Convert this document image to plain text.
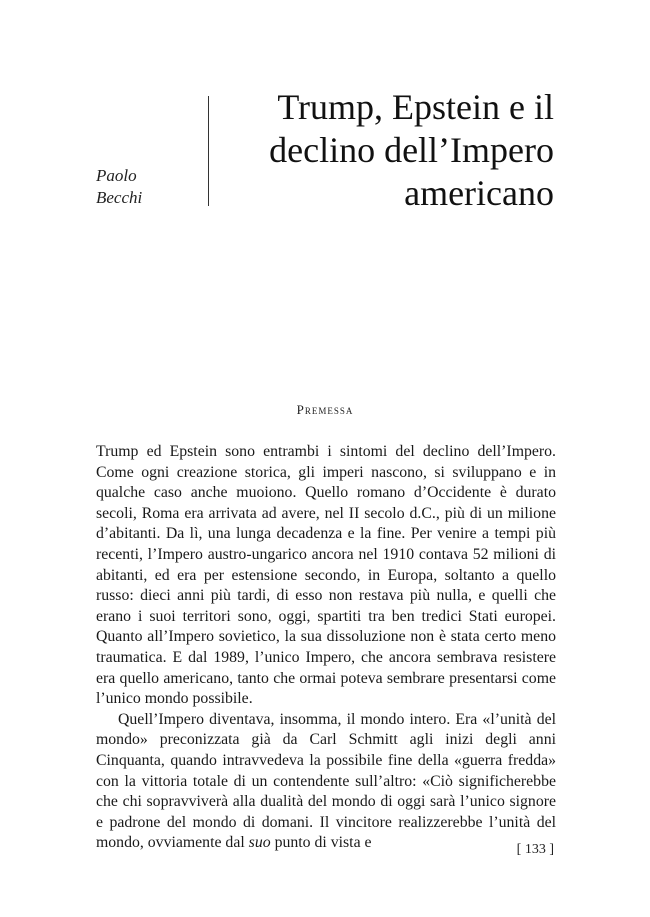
Paolo
Becchi
Trump, Epstein e il
declino dell’Impero
americano
Premessa

Trump ed Epstein sono entrambi i sintomi del declino dell’Impero. Come ogni creazione storica, gli imperi nascono, si sviluppano e in qualche caso anche muoiono. Quello romano d’Occidente è durato secoli, Roma era arrivata ad avere, nel II secolo d.C., più di un milione d’abitanti. Da lì, una lunga decadenza e la fine. Per venire a tempi più recenti, l’Impero austro-ungarico ancora nel 1910 contava 52 milioni di abitanti, ed era per estensione secondo, in Europa, soltanto a quello russo: dieci anni più tardi, di esso non restava più nulla, e quelli che erano i suoi territori sono, oggi, spartiti tra ben tredici Stati europei. Quanto all’Impero sovietico, la sua dissoluzione non è stata certo meno traumatica. E dal 1989, l’unico Impero, che ancora sembrava resistere era quello americano, tanto che ormai poteva sembrare presentarsi come l’unico mondo possibile.

Quell’Impero diventava, insomma, il mondo intero. Era «l’unità del mondo» preconizzata già da Carl Schmitt agli inizi degli anni Cinquanta, quando intravvedeva la possibile fine della «guerra fredda» con la vittoria totale di un contendente sull’altro: «Ciò significherebbe che chi sopravviverà alla dualità del mondo di oggi sarà l’unico signore e padrone del mondo di domani. Il vincitore realizzerebbe l’unità del mondo, ovviamente dal suo punto di vista e	[ 133 ]
